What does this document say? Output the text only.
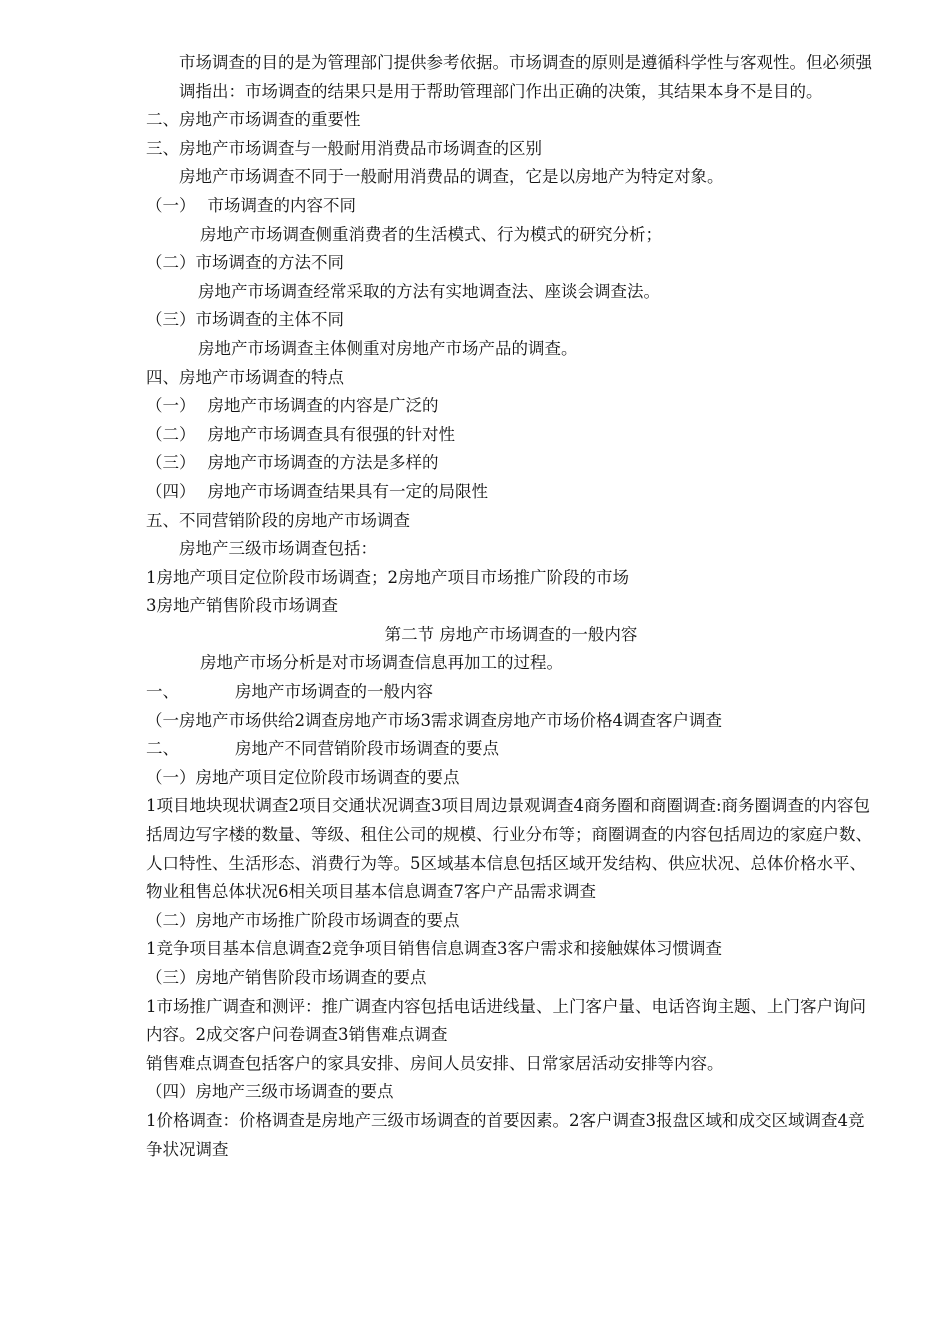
市场调查的目的是为管理部门提供参考依据。市场调查的原则是遵循科学性与客观性。但必须强调指出：市场调查的结果只是用于帮助管理部门作出正确的决策，其结果本身不是目的。

二、房地产市场调查的重要性

三、房地产市场调查与一般耐用消费品市场调查的区别

房地产市场调查不同于一般耐用消费品的调查，它是以房地产为特定对象。

（一） 市场调查的内容不同

房地产市场调查侧重消费者的生活模式、行为模式的研究分析；

（二）市场调查的方法不同

房地产市场调查经常采取的方法有实地调查法、座谈会调查法。

（三）市场调查的主体不同

房地产市场调查主体侧重对房地产市场产品的调查。

四、房地产市场调查的特点

（一） 房地产市场调查的内容是广泛的

（二） 房地产市场调查具有很强的针对性

（三） 房地产市场调查的方法是多样的

（四） 房地产市场调查结果具有一定的局限性

五、不同营销阶段的房地产市场调查

房地产三级市场调查包括：

1房地产项目定位阶段市场调查；2房地产项目市场推广阶段的市场

3房地产销售阶段市场调查

第二节 房地产市场调查的一般内容

房地产市场分析是对市场调查信息再加工的过程。

一、	房地产市场调查的一般内容

（一房地产市场供给2调查房地产市场3需求调查房地产市场价格4调查客户调查

二、	房地产不同营销阶段市场调查的要点

（一）房地产项目定位阶段市场调查的要点

1项目地块现状调查2项目交通状况调查3项目周边景观调查4商务圈和商圈调查:商务圈调查的内容包括周边写字楼的数量、等级、租住公司的规模、行业分布等；商圈调查的内容包括周边的家庭户数、人口特性、生活形态、消费行为等。5区域基本信息包括区域开发结构、供应状况、总体价格水平、物业租售总体状况6相关项目基本信息调查7客户产品需求调查

（二）房地产市场推广阶段市场调查的要点

1竞争项目基本信息调查2竞争项目销售信息调查3客户需求和接触媒体习惯调查

（三）房地产销售阶段市场调查的要点

1市场推广调查和测评：推广调查内容包括电话进线量、上门客户量、电话咨询主题、上门客户询问内容。2成交客户问卷调查3销售难点调查

销售难点调查包括客户的家具安排、房间人员安排、日常家居活动安排等内容。

（四）房地产三级市场调查的要点

1价格调查：价格调查是房地产三级市场调查的首要因素。2客户调查3报盘区域和成交区域调查4竞争状况调查
